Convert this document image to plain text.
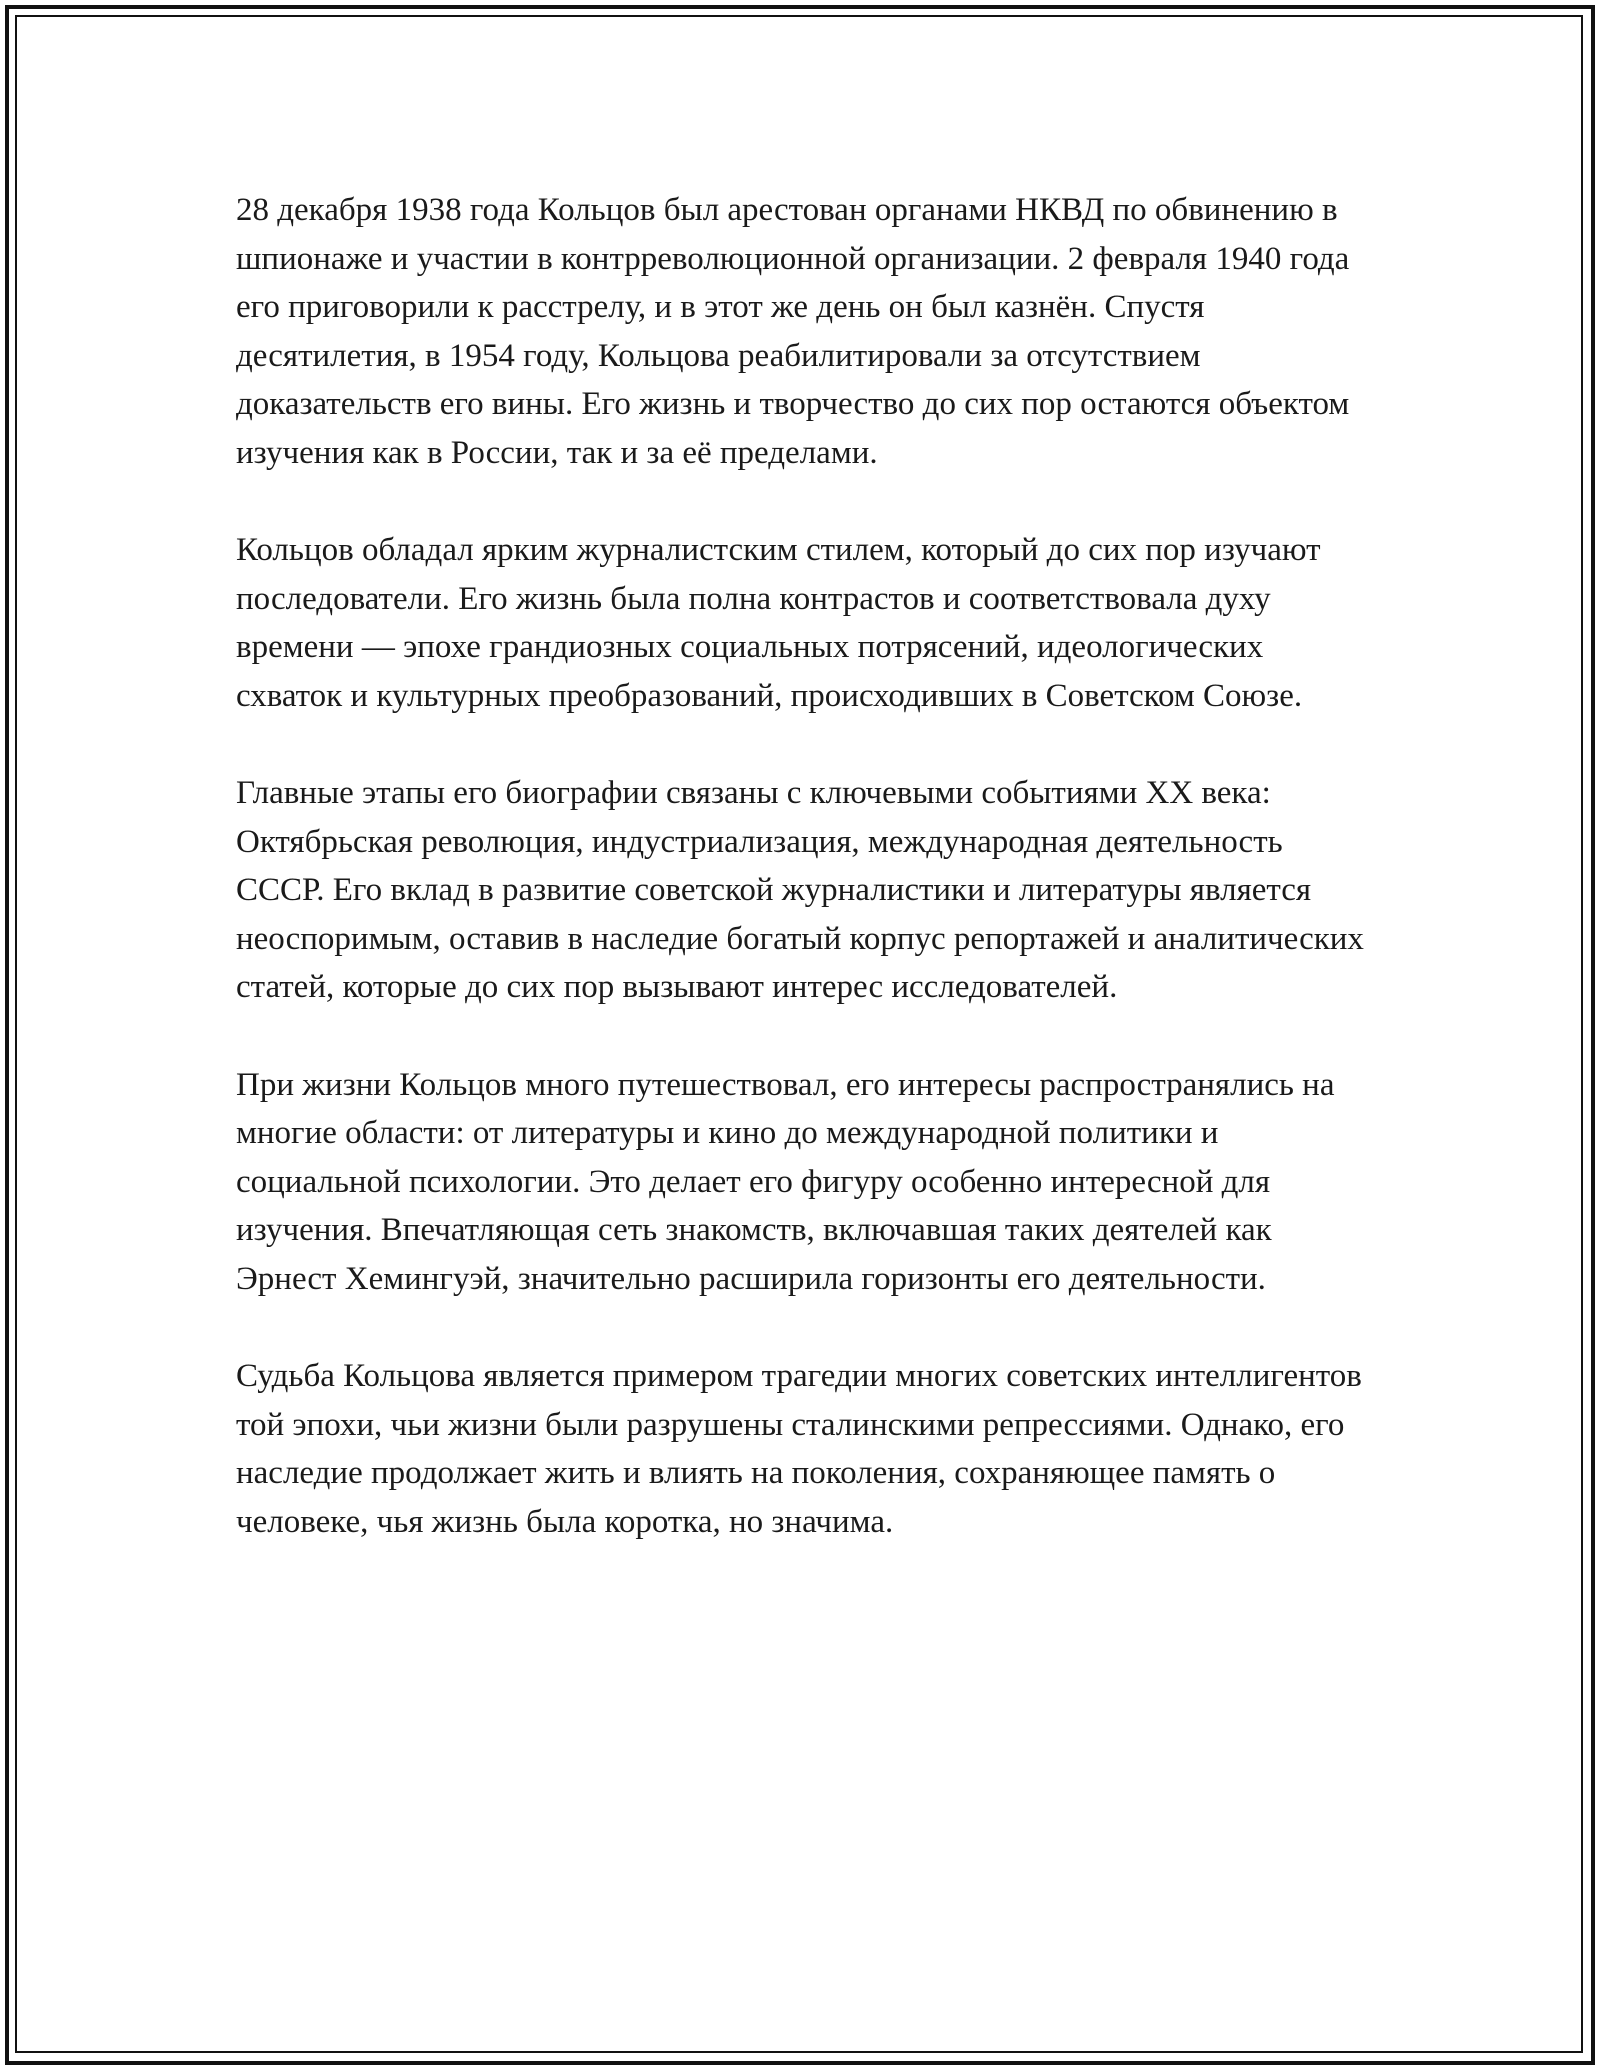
28 декабря 1938 года Кольцов был арестован органами НКВД по обвинению в шпионаже и участии в контрреволюционной организации. 2 февраля 1940 года его приговорили к расстрелу, и в этот же день он был казнён. Спустя десятилетия, в 1954 году, Кольцова реабилитировали за отсутствием доказательств его вины. Его жизнь и творчество до сих пор остаются объектом изучения как в России, так и за её пределами.

Кольцов обладал ярким журналистским стилем, который до сих пор изучают последователи. Его жизнь была полна контрастов и соответствовала духу времени — эпохе грандиозных социальных потрясений, идеологических схваток и культурных преобразований, происходивших в Советском Союзе.

Главные этапы его биографии связаны с ключевыми событиями XX века: Октябрьская революция, индустриализация, международная деятельность СССР. Его вклад в развитие советской журналистики и литературы является неоспоримым, оставив в наследие богатый корпус репортажей и аналитических статей, которые до сих пор вызывают интерес исследователей.

При жизни Кольцов много путешествовал, его интересы распространялись на многие области: от литературы и кино до международной политики и социальной психологии. Это делает его фигуру особенно интересной для изучения. Впечатляющая сеть знакомств, включавшая таких деятелей как Эрнест Хемингуэй, значительно расширила горизонты его деятельности.

Судьба Кольцова является примером трагедии многих советских интеллигентов той эпохи, чьи жизни были разрушены сталинскими репрессиями. Однако, его наследие продолжает жить и влиять на поколения, сохраняющее память о человеке, чья жизнь была коротка, но значима.
